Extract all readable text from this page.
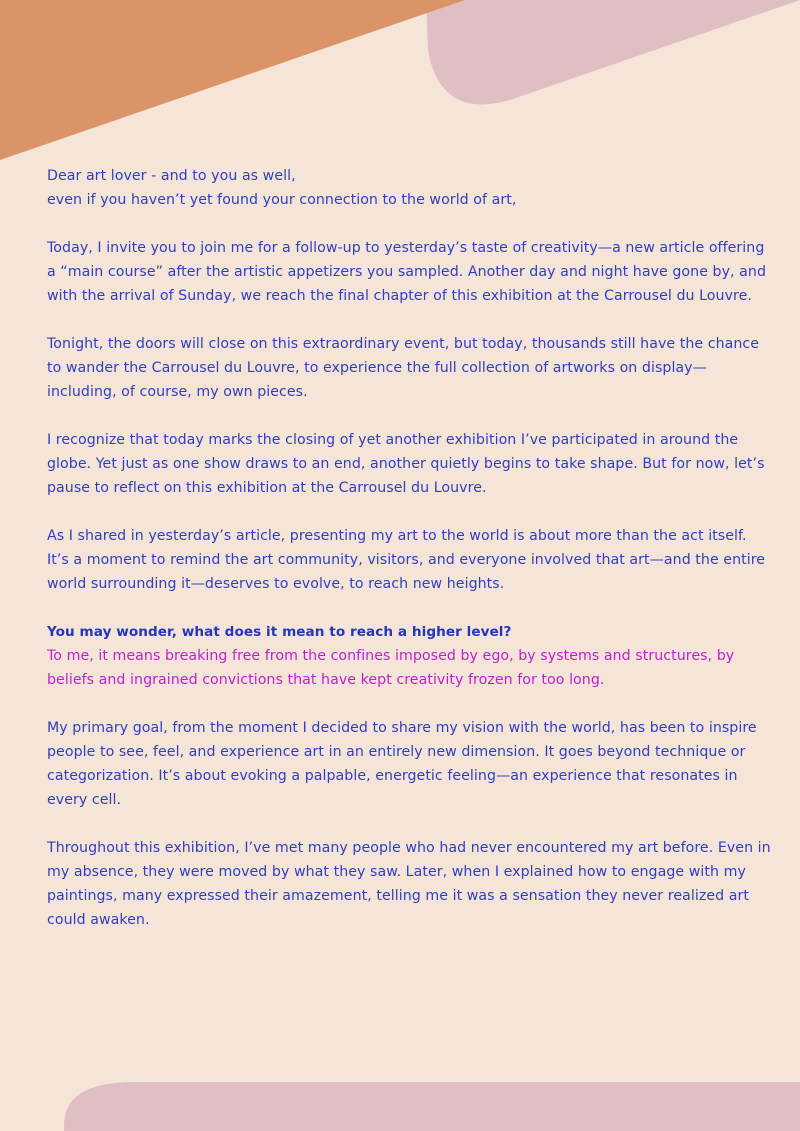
Dear art lover - and to you as well,
even if you haven’t yet found your connection to the world of art,

Today, I invite you to join me for a follow-up to yesterday’s taste of creativity—a new article offering a “main course” after the artistic appetizers you sampled. Another day and night have gone by, and with the arrival of Sunday, we reach the final chapter of this exhibition at the Carrousel du Louvre.

Tonight, the doors will close on this extraordinary event, but today, thousands still have the chance to wander the Carrousel du Louvre, to experience the full collection of artworks on display—including, of course, my own pieces.

I recognize that today marks the closing of yet another exhibition I’ve participated in around the globe. Yet just as one show draws to an end, another quietly begins to take shape. But for now, let’s pause to reflect on this exhibition at the Carrousel du Louvre.

As I shared in yesterday’s article, presenting my art to the world is about more than the act itself. It’s a moment to remind the art community, visitors, and everyone involved that art—and the entire world surrounding it—deserves to evolve, to reach new heights.

You may wonder, what does it mean to reach a higher level?
To me, it means breaking free from the confines imposed by ego, by systems and structures, by beliefs and ingrained convictions that have kept creativity frozen for too long.

My primary goal, from the moment I decided to share my vision with the world, has been to inspire people to see, feel, and experience art in an entirely new dimension. It goes beyond technique or categorization. It’s about evoking a palpable, energetic feeling—an experience that resonates in every cell.

Throughout this exhibition, I’ve met many people who had never encountered my art before. Even in my absence, they were moved by what they saw. Later, when I explained how to engage with my paintings, many expressed their amazement, telling me it was a sensation they never realized art could awaken.
